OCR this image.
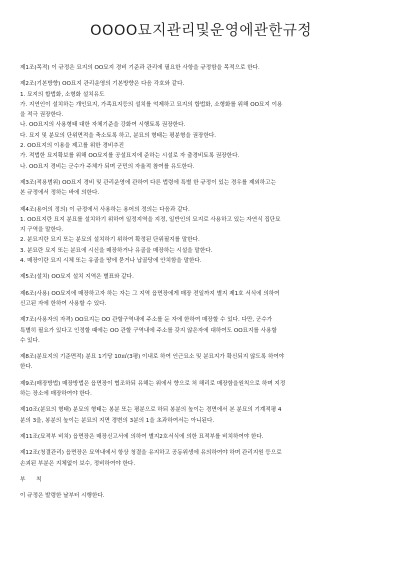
OOOO묘지관리및운영에관한규정
제1조(목적) 이 규정은 묘지의 OO묘지 경비 기준과 관리에 필요한 사항을 규정함을 목적으로 한다.
제2조(기본방향) OO묘지 관리운영의 기본방향은 다음 각호와 같다.
1. 묘지의 합법화, 소형화 설치유도
가. 지연인이 설치하는 개인묘지, 가족묘지등의 설치를 억제하고 묘지의 합법화, 소형화를 위해 OO묘지 이용
을 적극 권장한다.
나. OO묘지의 사용형태 대한 자체기준을 강화여 시행토록 권장한다.
다. 묘지 및 분묘의 단위면적을 축소토록 하고, 분묘의 형태는 평분형을 권장한다.
2. OO묘지의 이용을 제고를 위한 경비추진
가. 적법한 묘지확보를 위해 OO묘지를 공설묘지에 준하는 시설로 자 출경비토록 권장한다.
나. OO묘지 경비는 군수가 주체가 되며 군민의 자율적 참여를 유도한다.
제3조(적용범위) OO묘지 경비 및 관리운영에 관하여 다른 법령에 특별 한 규정이 있는 경우를 제외하고는
본 규정에서 정하는 바에 의한다.
제4조(용어의 정의) 이 규정에서 사용하는 용어의 정의는 다음과 같다.
1. OO묘지란 묘지 분묘를 설치하기 위하여 일정지역을 지정, 일반인의 묘지로 사용하고 있는 자연식 집단묘
지 구역을 말한다.
2. 분묘지란 묘지 또는 분묘의 설치하기 위하여 확정된 단위필지를 말한다.
3. 분묘란 묘지 또는 분묘에 시신을 매장하거나 유골을 매장하는 시설을 말한다.
4. 매장이란 묘지 시체 또는 유골을 땅에 묻거나 납골당에 안치함을 말한다.
제5조(설치) OO묘지 설치 지역은 별표와 같다.
제6조(사용) OO묘지에 매장하고자 하는 자는 그 지역 읍면장에게 매장 전일까지 별지 제1호 서식에 의하여
신고된 자에 한하여 사용할 수 있다.
제7조(사용자의 자격) OO묘지는 OO 관할구역내에 주소를 둔 자에 한하여 매장할 수 있다. 다만, 군수가
특별히 필요가 있다고 인정할 때에는 OO 관할 구역내에 주소를 갖지 않은자에 대하여도 OO묘지를 사용할
수 있다.
제8조(분묘지의 기준면적) 분묘 1기당 10㎡(3평) 이내로 하여 인근묘소 및 분묘지가 확신되지 않도록 하여야
한다.
제9조(매장방법) 매장방법은 읍면장이 협조하되 유해는 위에서 향으로 처 해리로 매장함을원칙으로 하며 지정
하는 장소에 매장하여야 한다.
제10조(분묘의 형태) 분묘의 형태는 봉분 또는 평분으로 하되 봉분의 높이는 경면에서 본 분묘의 기계적평 4
분의 3을, 봉분의 높이는 분묘의 지면 경변의 3분의 1을 초과하여서는 아니된다.
제11조(묘적부 비치) 읍면장은 매장신고서에 의하여 별지2호서식에 의한 묘적부를 비치하여야 한다.
제12조(청결관리) 읍면장은 묘역내에서 항상 청결을 유지하고 공동위생에 유의하여야 하며 관리지원 등으로
손괴된 부분은 지체없이 보수, 정비하여야 한다.
부      칙
이 규정은 발령한 날부터 시행한다.
